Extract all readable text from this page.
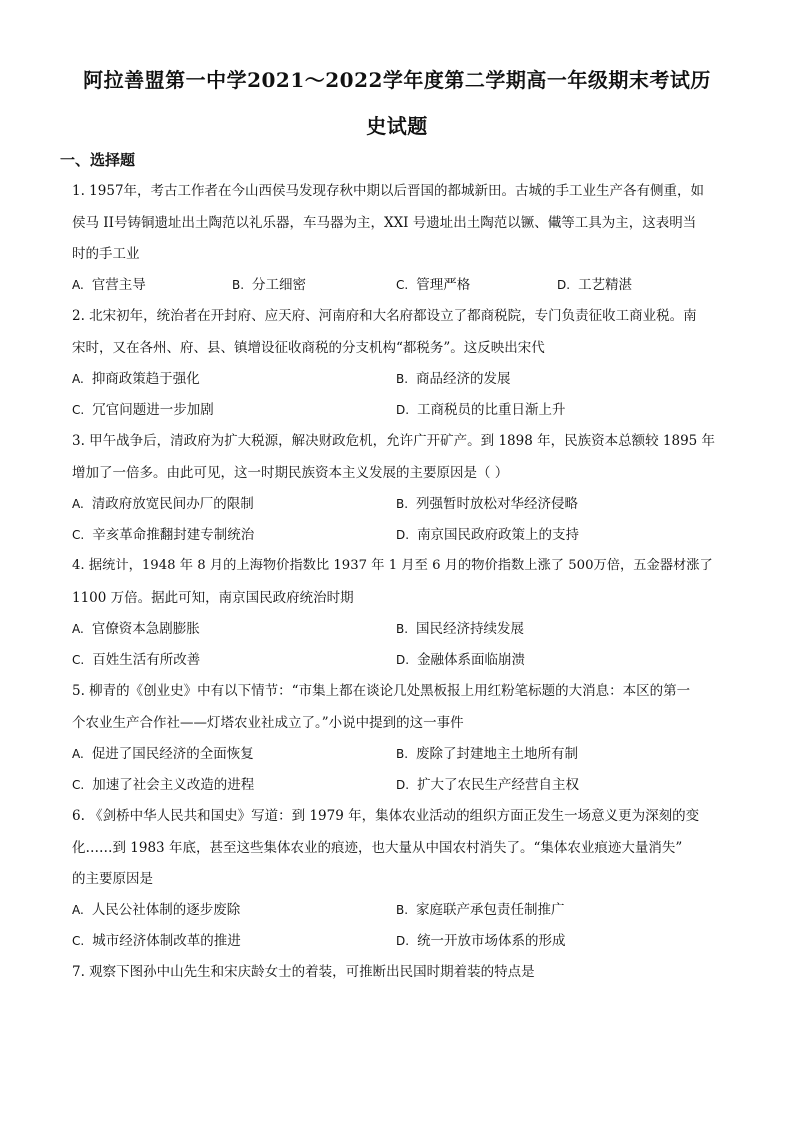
阿拉善盟第一中学2021～2022学年度第二学期高一年级期末考试历
史试题
一、选择题
1. 1957年，考古工作者在今山西侯马发现存秋中期以后晋国的都城新田。古城的手工业生产各有侧重，如
侯马 II号铸铜遗址出土陶范以礼乐器，车马器为主，XXI 号遗址出土陶范以镢、儎等工具为主，这表明当
时的手工业
A. 官营主导	B. 分工细密	C. 管理严格	D. 工艺精湛
2. 北宋初年，统治者在开封府、应天府、河南府和大名府都设立了都商税院，专门负责征收工商业税。南
宋时，又在各州、府、县、镇增设征收商税的分支机构“都税务”。这反映出宋代
A. 抑商政策趋于强化	B. 商品经济的发展
C. 冗官问题进一步加剧	D. 工商税员的比重日渐上升
3. 甲午战争后，清政府为扩大税源，解决财政危机，允许广开矿产。到 1898 年，民族资本总额较 1895 年
增加了一倍多。由此可见，这一时期民族资本主义发展的主要原因是（ ）
A. 清政府放宽民间办厂的限制	B. 列强暂时放松对华经济侵略
C. 辛亥革命推翻封建专制统治	D. 南京国民政府政策上的支持
4. 据统计，1948 年 8 月的上海物价指数比 1937 年 1 月至 6 月的物价指数上涨了 500万倍，五金器材涨了
1100 万倍。据此可知，南京国民政府统治时期
A. 官僚资本急剧膨胀	B. 国民经济持续发展
C. 百姓生活有所改善	D. 金融体系面临崩溃
5. 柳青的《创业史》中有以下情节：“市集上都在谈论几处黑板报上用红粉笔标题的大消息：本区的第一
个农业生产合作社——灯塔农业社成立了。”小说中提到的这一事件
A. 促进了国民经济的全面恢复	B. 废除了封建地主土地所有制
C. 加速了社会主义改造的进程	D. 扩大了农民生产经营自主权
6. 《剑桥中华人民共和国史》写道：到 1979 年，集体农业活动的组织方面正发生一场意义更为深刻的变
化……到 1983 年底，甚至这些集体农业的痕迹，也大量从中国农村消失了。“集体农业痕迹大量消失”
的主要原因是
A. 人民公社体制的逐步废除	B. 家庭联产承包责任制推广
C. 城市经济体制改革的推进	D. 统一开放市场体系的形成
7. 观察下图孙中山先生和宋庆龄女士的着装，可推断出民国时期着装的特点是
